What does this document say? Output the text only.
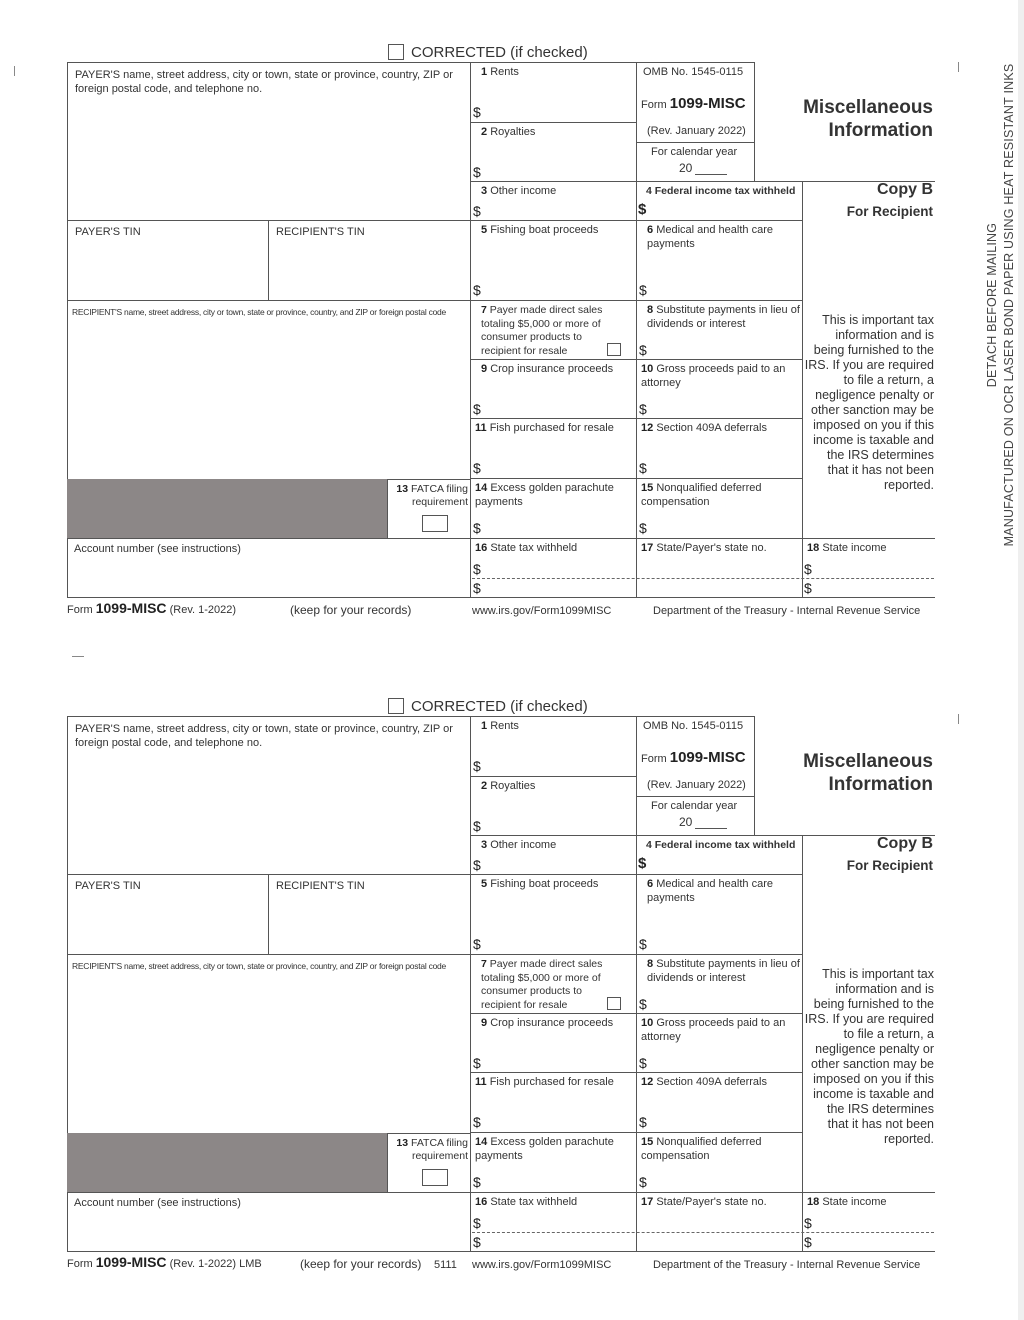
DETACH BEFORE MAILING MANUFACTURED ON OCR LASER BOND PAPER USING HEAT RESISTANT INKS
CORRECTED (if checked)
PAYER'S name, street address, city or town, state or province, country, ZIP or foreign postal code, and telephone no.
PAYER'S TIN	RECIPIENT'S TIN
RECIPIENT'S name, street address, city or town, state or province, country, and ZIP or foreign postal code
13 FATCA filing requirement
Account number (see instructions)
1 Rents
$
2 Royalties
$
3 Other income
$
5 Fishing boat proceeds
$
7 Payer made direct sales totaling $5,000 or more of consumer products to recipient for resale
9 Crop insurance proceeds
$
11 Fish purchased for resale
$
14 Excess golden parachute payments
$
16 State tax withheld
$
$
OMB No. 1545-0115
Form 1099-MISC
(Rev. January 2022)
For calendar year
20
4 Federal income tax withheld
$
6 Medical and health care payments
$
8 Substitute payments in lieu of dividends or interest
$
10 Gross proceeds paid to an attorney
$
12 Section 409A deferrals
$
15 Nonqualified deferred compensation
$
17 State/Payer's state no.	18 State income
$
$
Miscellaneous
Information
Copy B
For Recipient
This is important tax information and is being furnished to the IRS. If you are required to file a return, a negligence penalty or other sanction may be imposed on you if this income is taxable and the IRS determines that it has not been reported.
Form 1099-MISC (Rev. 1-2022)	(keep for your records)	www.irs.gov/Form1099MISC	Department of the Treasury - Internal Revenue Service
CORRECTED (if checked)
PAYER'S name, street address, city or town, state or province, country, ZIP or foreign postal code, and telephone no.
PAYER'S TIN	RECIPIENT'S TIN
RECIPIENT'S name, street address, city or town, state or province, country, and ZIP or foreign postal code
13 FATCA filing requirement
Account number (see instructions)
1 Rents
$
2 Royalties
$
3 Other income
$
5 Fishing boat proceeds
$
7 Payer made direct sales totaling $5,000 or more of consumer products to recipient for resale
9 Crop insurance proceeds
$
11 Fish purchased for resale
$
14 Excess golden parachute payments
$
16 State tax withheld
$
$
OMB No. 1545-0115
Form 1099-MISC
(Rev. January 2022)
For calendar year
20
4 Federal income tax withheld
$
6 Medical and health care payments
$
8 Substitute payments in lieu of dividends or interest
$
10 Gross proceeds paid to an attorney
$
12 Section 409A deferrals
$
15 Nonqualified deferred compensation
$
17 State/Payer's state no.	18 State income
$
$
Miscellaneous
Information
Copy B
For Recipient
This is important tax information and is being furnished to the IRS. If you are required to file a return, a negligence penalty or other sanction may be imposed on you if this income is taxable and the IRS determines that it has not been reported.
Form 1099-MISC (Rev. 1-2022) LMB	(keep for your records) 5111 www.irs.gov/Form1099MISC	Department of the Treasury - Internal Revenue Service
